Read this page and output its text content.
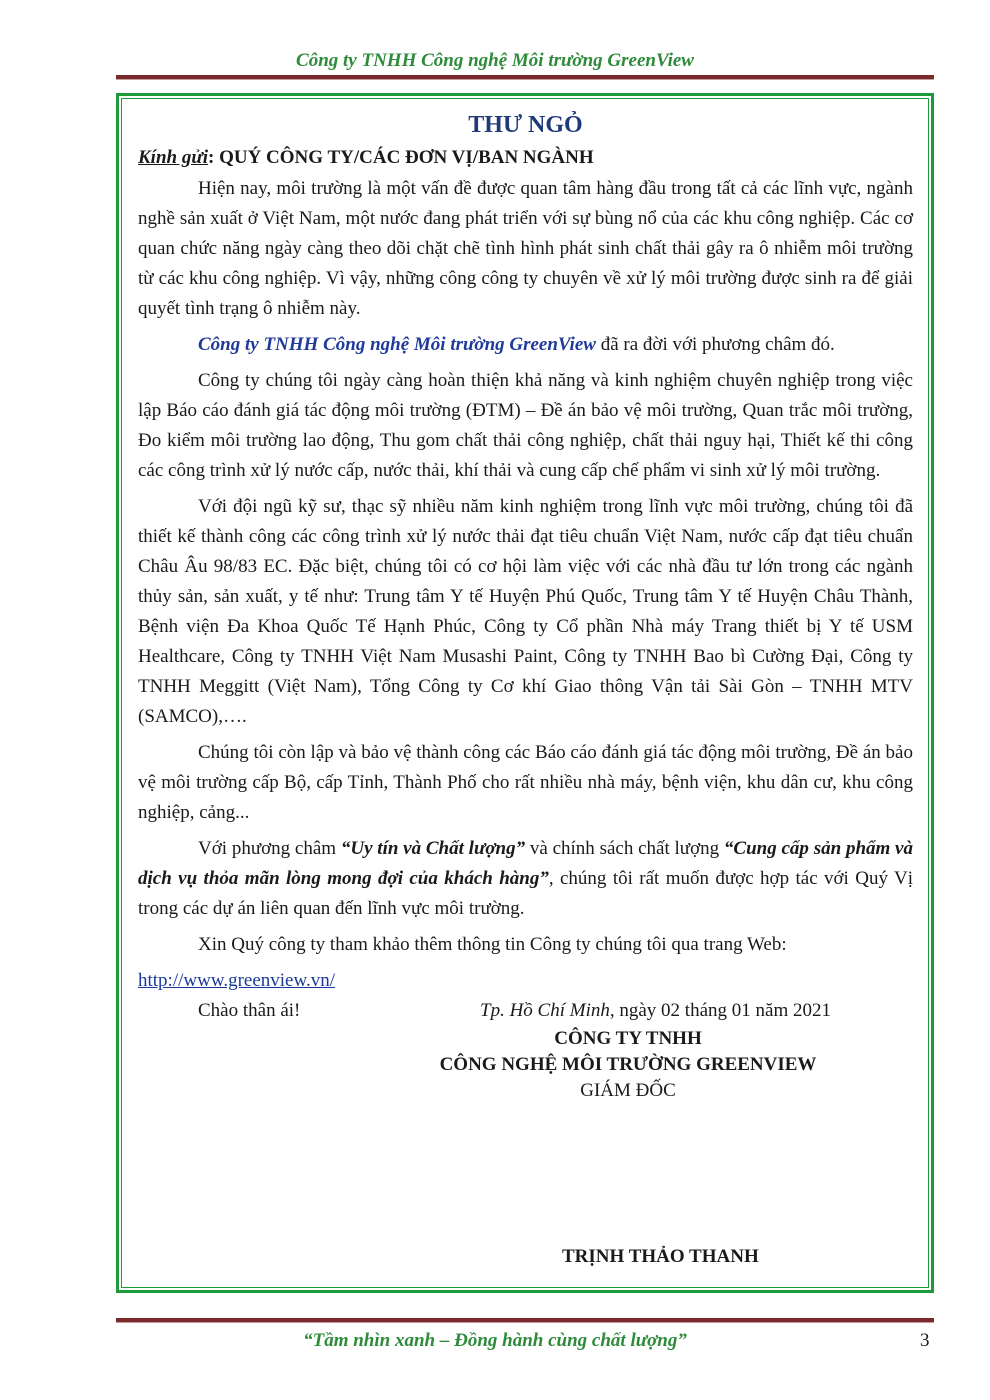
Công ty TNHH Công nghệ Môi trường GreenView
THƯ NGỎ

Kính gửi: QUÝ CÔNG TY/CÁC ĐƠN VỊ/BAN NGÀNH

Hiện nay, môi trường là một vấn đề được quan tâm hàng đầu trong tất cả các lĩnh vực, ngành nghề sản xuất ở Việt Nam, một nước đang phát triển với sự bùng nổ của các khu công nghiệp. Các cơ quan chức năng ngày càng theo dõi chặt chẽ tình hình phát sinh chất thải gây ra ô nhiễm môi trường từ các khu công nghiệp. Vì vậy, những công công ty chuyên về xử lý môi trường được sinh ra để giải quyết tình trạng ô nhiễm này.

Công ty TNHH Công nghệ Môi trường GreenView đã ra đời với phương châm đó.

Công ty chúng tôi ngày càng hoàn thiện khả năng và kinh nghiệm chuyên nghiệp trong việc lập Báo cáo đánh giá tác động môi trường (ĐTM) – Đề án bảo vệ môi trường, Quan trắc môi trường, Đo kiểm môi trường lao động, Thu gom chất thải công nghiệp, chất thải nguy hại, Thiết kế thi công các công trình xử lý nước cấp, nước thải, khí thải và cung cấp chế phẩm vi sinh xử lý môi trường.

Với đội ngũ kỹ sư, thạc sỹ nhiều năm kinh nghiệm trong lĩnh vực môi trường, chúng tôi đã thiết kế thành công các công trình xử lý nước thải đạt tiêu chuẩn Việt Nam, nước cấp đạt tiêu chuẩn Châu Âu 98/83 EC. Đặc biệt, chúng tôi có cơ hội làm việc với các nhà đầu tư lớn trong các ngành thủy sản, sản xuất, y tế như: Trung tâm Y tế Huyện Phú Quốc, Trung tâm Y tế Huyện Châu Thành, Bệnh viện Đa Khoa Quốc Tế Hạnh Phúc, Công ty Cổ phần Nhà máy Trang thiết bị Y tế USM Healthcare, Công ty TNHH Việt Nam Musashi Paint, Công ty TNHH Bao bì Cường Đại, Công ty TNHH Meggitt (Việt Nam), Tổng Công ty Cơ khí Giao thông Vận tải Sài Gòn – TNHH MTV (SAMCO),….

Chúng tôi còn lập và bảo vệ thành công các Báo cáo đánh giá tác động môi trường, Đề án bảo vệ môi trường cấp Bộ, cấp Tỉnh, Thành Phố cho rất nhiều nhà máy, bệnh viện, khu dân cư, khu công nghiệp, cảng...

Với phương châm “Uy tín và Chất lượng” và chính sách chất lượng “Cung cấp sản phẩm và dịch vụ thỏa mãn lòng mong đợi của khách hàng”, chúng tôi rất muốn được hợp tác với Quý Vị trong các dự án liên quan đến lĩnh vực môi trường.

Xin Quý công ty tham khảo thêm thông tin Công ty chúng tôi qua trang Web:

http://www.greenview.vn/
Chào thân ái!	Tp. Hồ Chí Minh, ngày 02 tháng 01 năm 2021
CÔNG TY TNHH
CÔNG NGHỆ MÔI TRƯỜNG GREENVIEW
GIÁM ĐỐC
TRỊNH THẢO THANH
“Tầm nhìn xanh – Đồng hành cùng chất lượng”	3
